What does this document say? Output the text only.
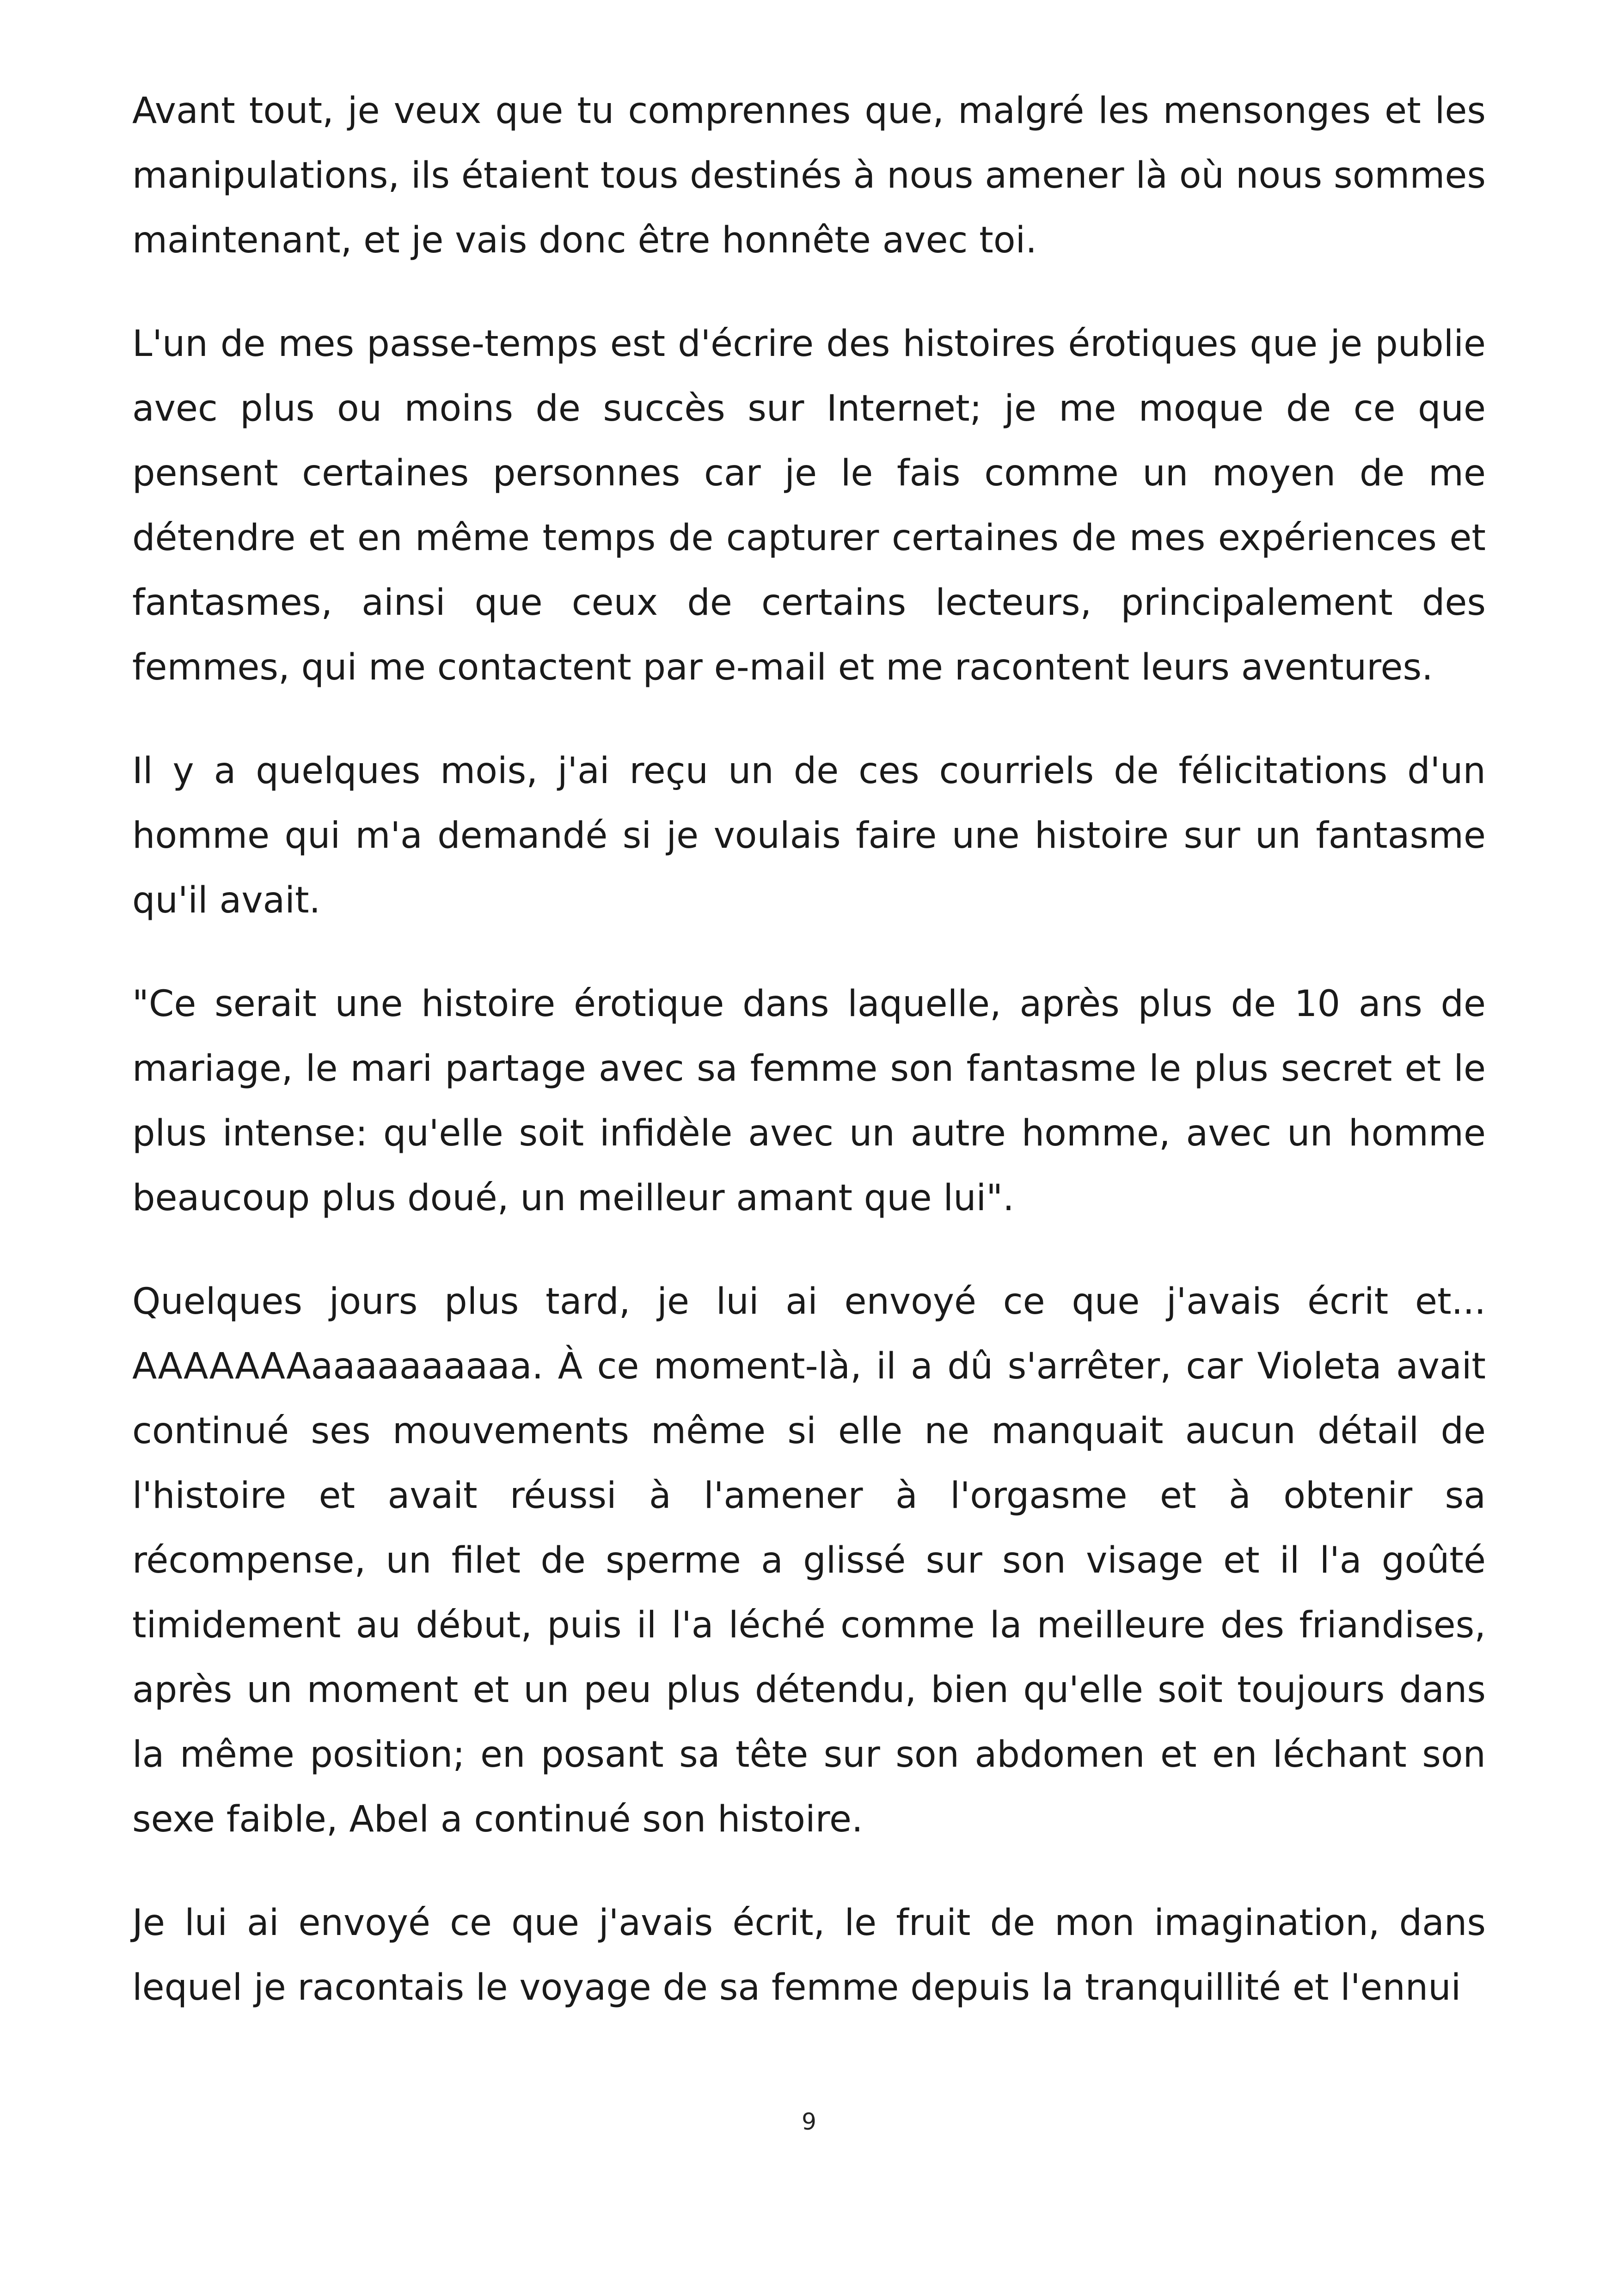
Avant tout, je veux que tu comprennes que, malgré les mensonges et les manipulations, ils étaient tous destinés à nous amener là où nous sommes maintenant, et je vais donc être honnête avec toi.

L'un de mes passe-temps est d'écrire des histoires érotiques que je publie avec plus ou moins de succès sur Internet; je me moque de ce que pensent certaines personnes car je le fais comme un moyen de me détendre et en même temps de capturer certaines de mes expériences et fantasmes, ainsi que ceux de certains lecteurs, principalement des femmes, qui me contactent par e-mail et me racontent leurs aventures.

Il y a quelques mois, j'ai reçu un de ces courriels de félicitations d'un homme qui m'a demandé si je voulais faire une histoire sur un fantasme qu'il avait.

"Ce serait une histoire érotique dans laquelle, après plus de 10 ans de mariage, le mari partage avec sa femme son fantasme le plus secret et le plus intense: qu'elle soit infidèle avec un autre homme, avec un homme beaucoup plus doué, un meilleur amant que lui".

Quelques jours plus tard, je lui ai envoyé ce que j'avais écrit et... AAAAAAAaaaaaaaaaa. À ce moment-là, il a dû s'arrêter, car Violeta avait continué ses mouvements même si elle ne manquait aucun détail de l'histoire et avait réussi à l'amener à l'orgasme et à obtenir sa récompense, un filet de sperme a glissé sur son visage et il l'a goûté timidement au début, puis il l'a léché comme la meilleure des friandises, après un moment et un peu plus détendu, bien qu'elle soit toujours dans la même position; en posant sa tête sur son abdomen et en léchant son sexe faible, Abel a continué son histoire.

Je lui ai envoyé ce que j'avais écrit, le fruit de mon imagination, dans lequel je racontais le voyage de sa femme depuis la tranquillité et l'ennui

9
